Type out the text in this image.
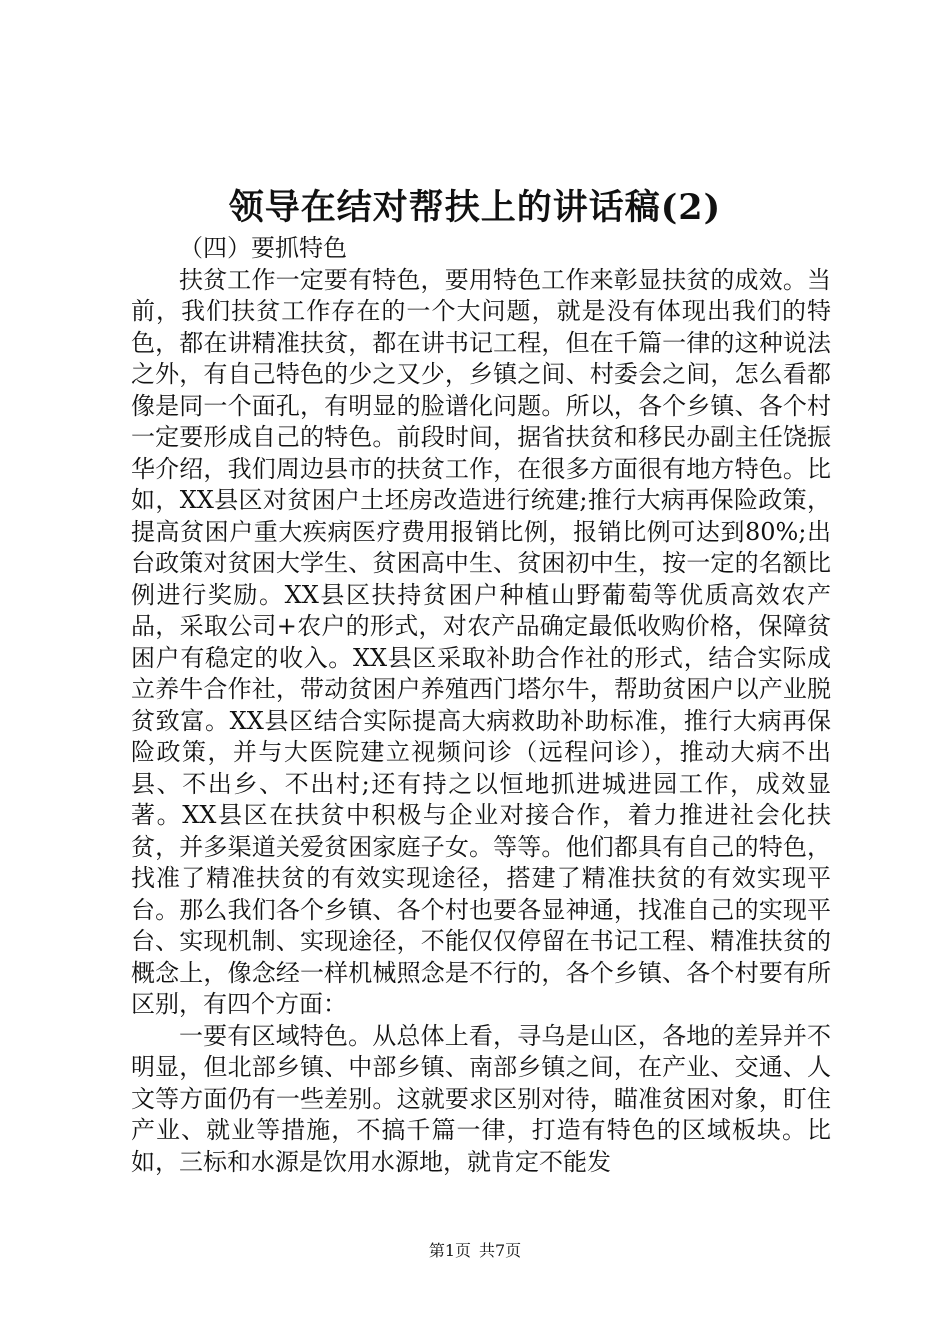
领导在结对帮扶上的讲话稿(2)

（四）要抓特色

扶贫工作一定要有特色，要用特色工作来彰显扶贫的成效。当前，我们扶贫工作存在的一个大问题，就是没有体现出我们的特色，都在讲精准扶贫，都在讲书记工程，但在千篇一律的这种说法之外，有自己特色的少之又少，乡镇之间、村委会之间，怎么看都像是同一个面孔，有明显的脸谱化问题。所以，各个乡镇、各个村一定要形成自己的特色。前段时间，据省扶贫和移民办副主任饶振华介绍，我们周边县市的扶贫工作，在很多方面很有地方特色。比如，XX县区对贫困户土坯房改造进行统建;推行大病再保险政策，提高贫困户重大疾病医疗费用报销比例，报销比例可达到80%;出台政策对贫困大学生、贫困高中生、贫困初中生，按一定的名额比例进行奖励。XX县区扶持贫困户种植山野葡萄等优质高效农产品，采取公司+农户的形式，对农产品确定最低收购价格，保障贫困户有稳定的收入。XX县区采取补助合作社的形式，结合实际成立养牛合作社，带动贫困户养殖西门塔尔牛，帮助贫困户以产业脱贫致富。XX县区结合实际提高大病救助补助标准，推行大病再保险政策，并与大医院建立视频问诊（远程问诊），推动大病不出县、不出乡、不出村;还有持之以恒地抓进城进园工作，成效显著。XX县区在扶贫中积极与企业对接合作，着力推进社会化扶贫，并多渠道关爱贫困家庭子女。等等。他们都具有自己的特色，找准了精准扶贫的有效实现途径，搭建了精准扶贫的有效实现平台。那么我们各个乡镇、各个村也要各显神通，找准自己的实现平台、实现机制、实现途径，不能仅仅停留在书记工程、精准扶贫的概念上，像念经一样机械照念是不行的，各个乡镇、各个村要有所区别，有四个方面：

一要有区域特色。从总体上看，寻乌是山区，各地的差异并不明显，但北部乡镇、中部乡镇、南部乡镇之间，在产业、交通、人文等方面仍有一些差别。这就要求区别对待，瞄准贫困对象，盯住产业、就业等措施，不搞千篇一律，打造有特色的区域板块。比如，三标和水源是饮用水源地，就肯定不能发

第1页 共7页
